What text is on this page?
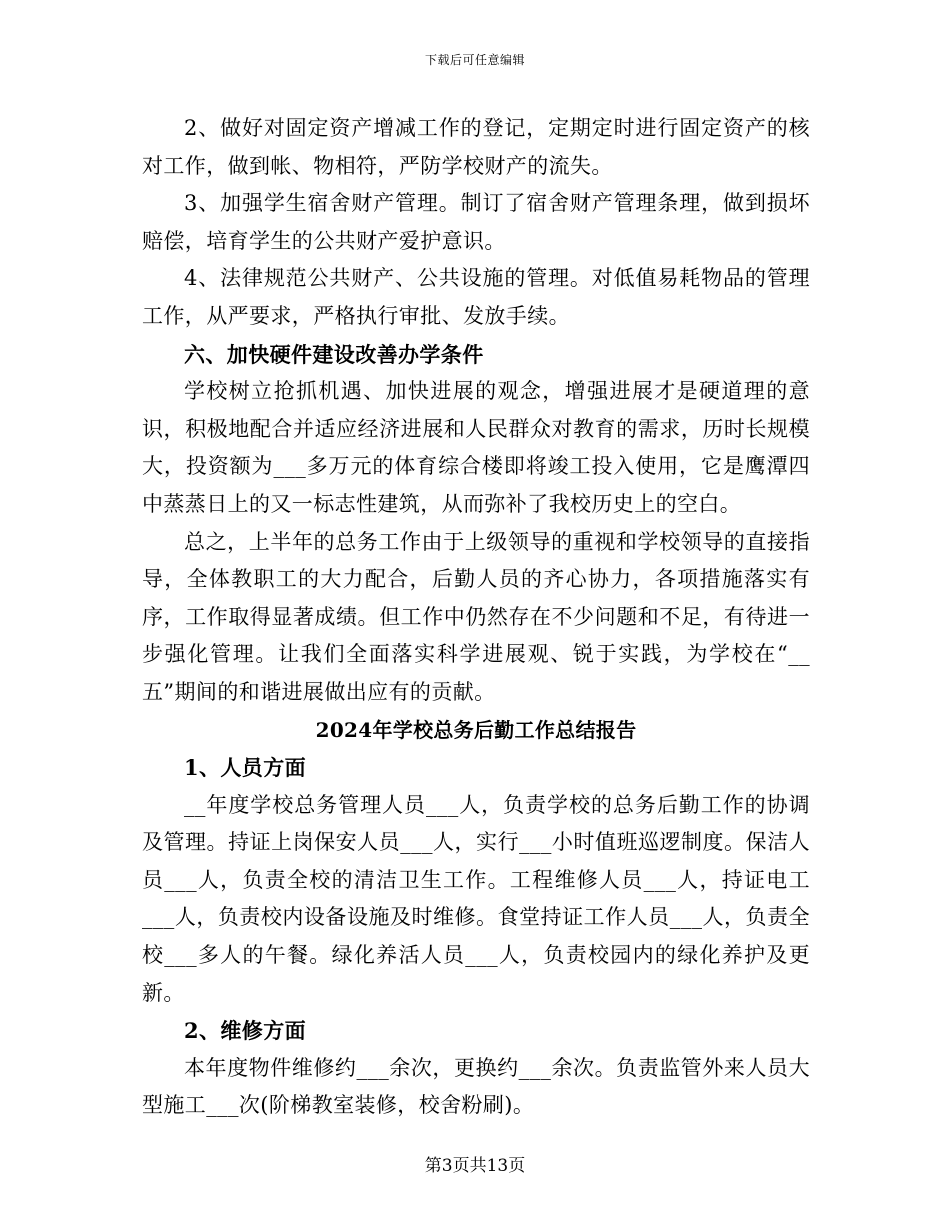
下载后可任意编辑

2、做好对固定资产增减工作的登记，定期定时进行固定资产的核对工作，做到帐、物相符，严防学校财产的流失。

3、加强学生宿舍财产管理。制订了宿舍财产管理条理，做到损坏赔偿，培育学生的公共财产爱护意识。

4、法律规范公共财产、公共设施的管理。对低值易耗物品的管理工作，从严要求，严格执行审批、发放手续。

六、加快硬件建设改善办学条件

学校树立抢抓机遇、加快进展的观念，增强进展才是硬道理的意识，积极地配合并适应经济进展和人民群众对教育的需求，历时长规模大，投资额为___多万元的体育综合楼即将竣工投入使用，它是鹰潭四中蒸蒸日上的又一标志性建筑，从而弥补了我校历史上的空白。

总之，上半年的总务工作由于上级领导的重视和学校领导的直接指导，全体教职工的大力配合，后勤人员的齐心协力，各项措施落实有序，工作取得显著成绩。但工作中仍然存在不少问题和不足，有待进一步强化管理。让我们全面落实科学进展观、锐于实践，为学校在“__五”期间的和谐进展做出应有的贡献。

2024年学校总务后勤工作总结报告

1、人员方面

__年度学校总务管理人员___人，负责学校的总务后勤工作的协调及管理。持证上岗保安人员___人，实行___小时值班巡逻制度。保洁人员___人，负责全校的清洁卫生工作。工程维修人员___人，持证电工___人，负责校内设备设施及时维修。食堂持证工作人员___人，负责全校___多人的午餐。绿化养活人员___人，负责校园内的绿化养护及更新。

2、维修方面

本年度物件维修约___余次，更换约___余次。负责监管外来人员大型施工___次(阶梯教室装修，校舍粉刷)。

第3页共13页
